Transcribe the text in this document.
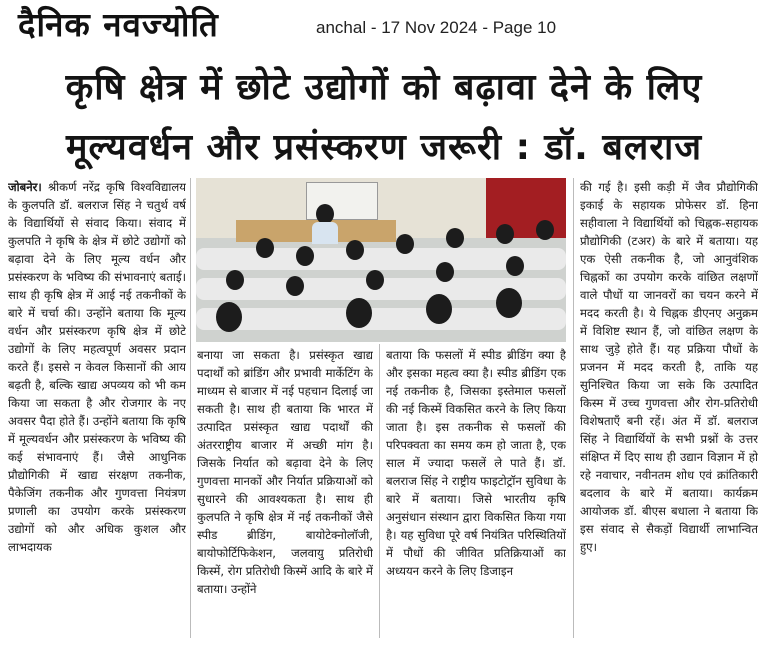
दैनिक नवज्योति	anchal - 17 Nov 2024 - Page 10
कृषि क्षेत्र में छोटे उद्योगों को बढ़ावा देने के लिए
मूल्यवर्धन और प्रसंस्करण जरूरी : डॉ. बलराज

जोबनेर। श्रीकर्ण नरेंद्र कृषि विश्वविद्यालय के कुलपति डॉ. बलराज सिंह ने चतुर्थ वर्ष के विद्यार्थियों से संवाद किया। संवाद में कुलपति ने कृषि के क्षेत्र में छोटे उद्योगों को बढ़ावा देने के लिए मूल्य वर्धन और प्रसंस्करण के भविष्य की संभावनाएं बताई। साथ ही कृषि क्षेत्र में आई नई तकनीकों के बारे में चर्चा की। उन्होंने बताया कि मूल्य वर्धन और प्रसंस्करण कृषि क्षेत्र में छोटे उद्योगों के लिए महत्वपूर्ण अवसर प्रदान करते हैं। इससे न केवल किसानों की आय बढ़ती है, बल्कि खाद्य अपव्यय को भी कम किया जा सकता है और रोजगार के नए अवसर पैदा होते हैं। उन्होंने बताया कि कृषि में मूल्यवर्धन और प्रसंस्करण के भविष्य की कई संभावनाएं हैं। जैसे आधुनिक प्रौद्योगिकी में खाद्य संरक्षण तकनीक, पैकेजिंग तकनीक और गुणवत्ता नियंत्रण प्रणाली का उपयोग करके प्रसंस्करण उद्योगों को और अधिक कुशल और लाभदायक

बनाया जा सकता है। प्रसंस्कृत खाद्य पदार्थों को ब्रांडिंग और प्रभावी मार्केटिंग के माध्यम से बाजार में नई पहचान दिलाई जा सकती है। साथ ही बताया कि भारत में उत्पादित प्रसंस्कृत खाद्य पदार्थों की अंतरराष्ट्रीय बाजार में अच्छी मांग है। जिसके निर्यात को बढ़ावा देने के लिए गुणवत्ता मानकों और निर्यात प्रक्रियाओं को सुधारने की आवश्यकता है। साथ ही कुलपति ने कृषि क्षेत्र में नई तकनीकों जैसे स्पीड ब्रीडिंग, बायोटेक्नोलॉजी, बायोफोर्टिफिकेशन, जलवायु प्रतिरोधी किस्में, रोग प्रतिरोधी किस्में आदि के बारे में बताया। उन्होंने

बताया कि फसलों में स्पीड ब्रीडिंग क्या है और इसका महत्व क्या है। स्पीड ब्रीडिंग एक नई तकनीक है, जिसका इस्तेमाल फसलों की नई किस्में विकसित करने के लिए किया जाता है। इस तकनीक से फसलों की परिपक्वता का समय कम हो जाता है, एक साल में ज्यादा फसलें ले पाते हैं। डॉ. बलराज सिंह ने राष्ट्रीय फाइटोट्रॉन सुविधा के बारे में बताया। जिसे भारतीय कृषि अनुसंधान संस्थान द्वारा विकसित किया गया है। यह सुविधा पूरे वर्ष नियंत्रित परिस्थितियों में पौधों की जीवित प्रतिक्रियाओं का अध्ययन करने के लिए डिजाइन

की गई है। इसी कड़ी में जैव प्रौद्योगिकी इकाई के सहायक प्रोफेसर डॉ. हिना सहीवाला ने विद्यार्थियों को चिह्नक-सहायक प्रौद्योगिकी (टअर) के बारे में बताया। यह एक ऐसी तकनीक है, जो आनुवंशिक चिह्नकों का उपयोग करके वांछित लक्षणों वाले पौधों या जानवरों का चयन करने में मदद करती है। ये चिह्नक डीएनए अनुक्रम में विशिष्ट स्थान हैं, जो वांछित लक्षण के साथ जुड़े होते हैं। यह प्रक्रिया पौधों के प्रजनन में मदद करती है, ताकि यह सुनिश्चित किया जा सके कि उत्पादित किस्म में उच्च गुणवत्ता और रोग-प्रतिरोधी विशेषताएँ बनी रहें। अंत में डॉ. बलराज सिंह ने विद्यार्थियों के सभी प्रश्नों के उत्तर संक्षिप्त में दिए साथ ही उद्यान विज्ञान में हो रहे नवाचार, नवीनतम शोध एवं क्रांतिकारी बदलाव के बारे में बताया। कार्यक्रम आयोजक डॉ. बीएस बधाला ने बताया कि इस संवाद से सैकड़ों विद्यार्थी लाभान्वित हुए।
